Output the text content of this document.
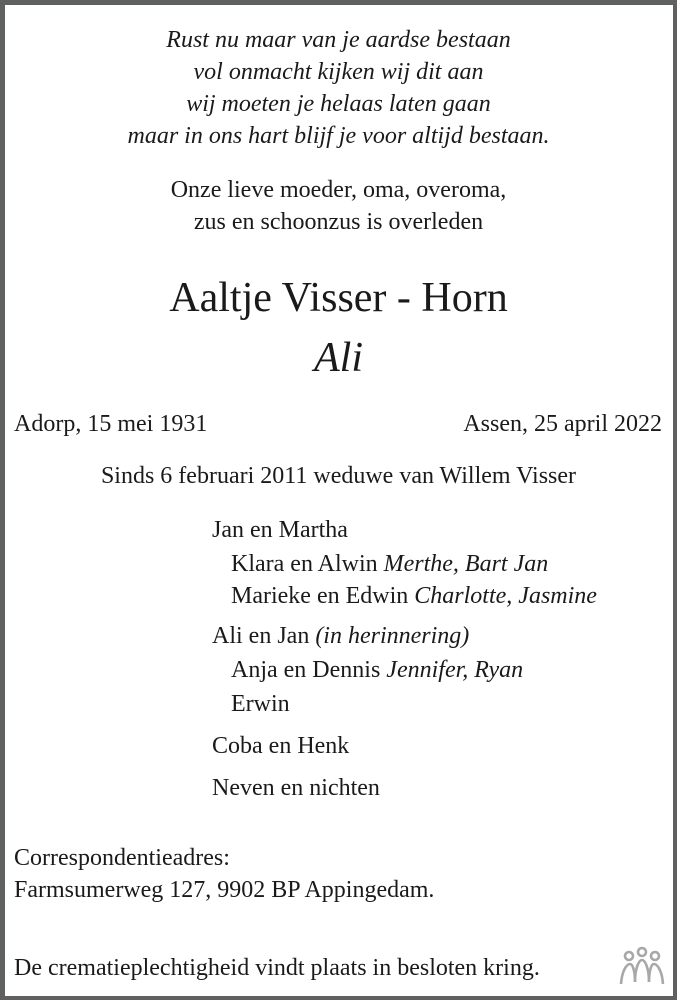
Rust nu maar van je aardse bestaan
vol onmacht kijken wij dit aan
wij moeten je helaas laten gaan
maar in ons hart blijf je voor altijd bestaan.
Onze lieve moeder, oma, overoma,
zus en schoonzus is overleden
Aaltje Visser - Horn
Ali
Adorp, 15 mei 1931	Assen, 25 april 2022
Sinds 6 februari 2011 weduwe van Willem Visser
Jan en Martha
Klara en Alwin Merthe, Bart Jan
Marieke en Edwin Charlotte, Jasmine
Ali en Jan (in herinnering)
Anja en Dennis Jennifer, Ryan
Erwin
Coba en Henk
Neven en nichten
Correspondentieadres:
Farmsumerweg 127, 9902 BP Appingedam.
De crematieplechtigheid vindt plaats in besloten kring.
